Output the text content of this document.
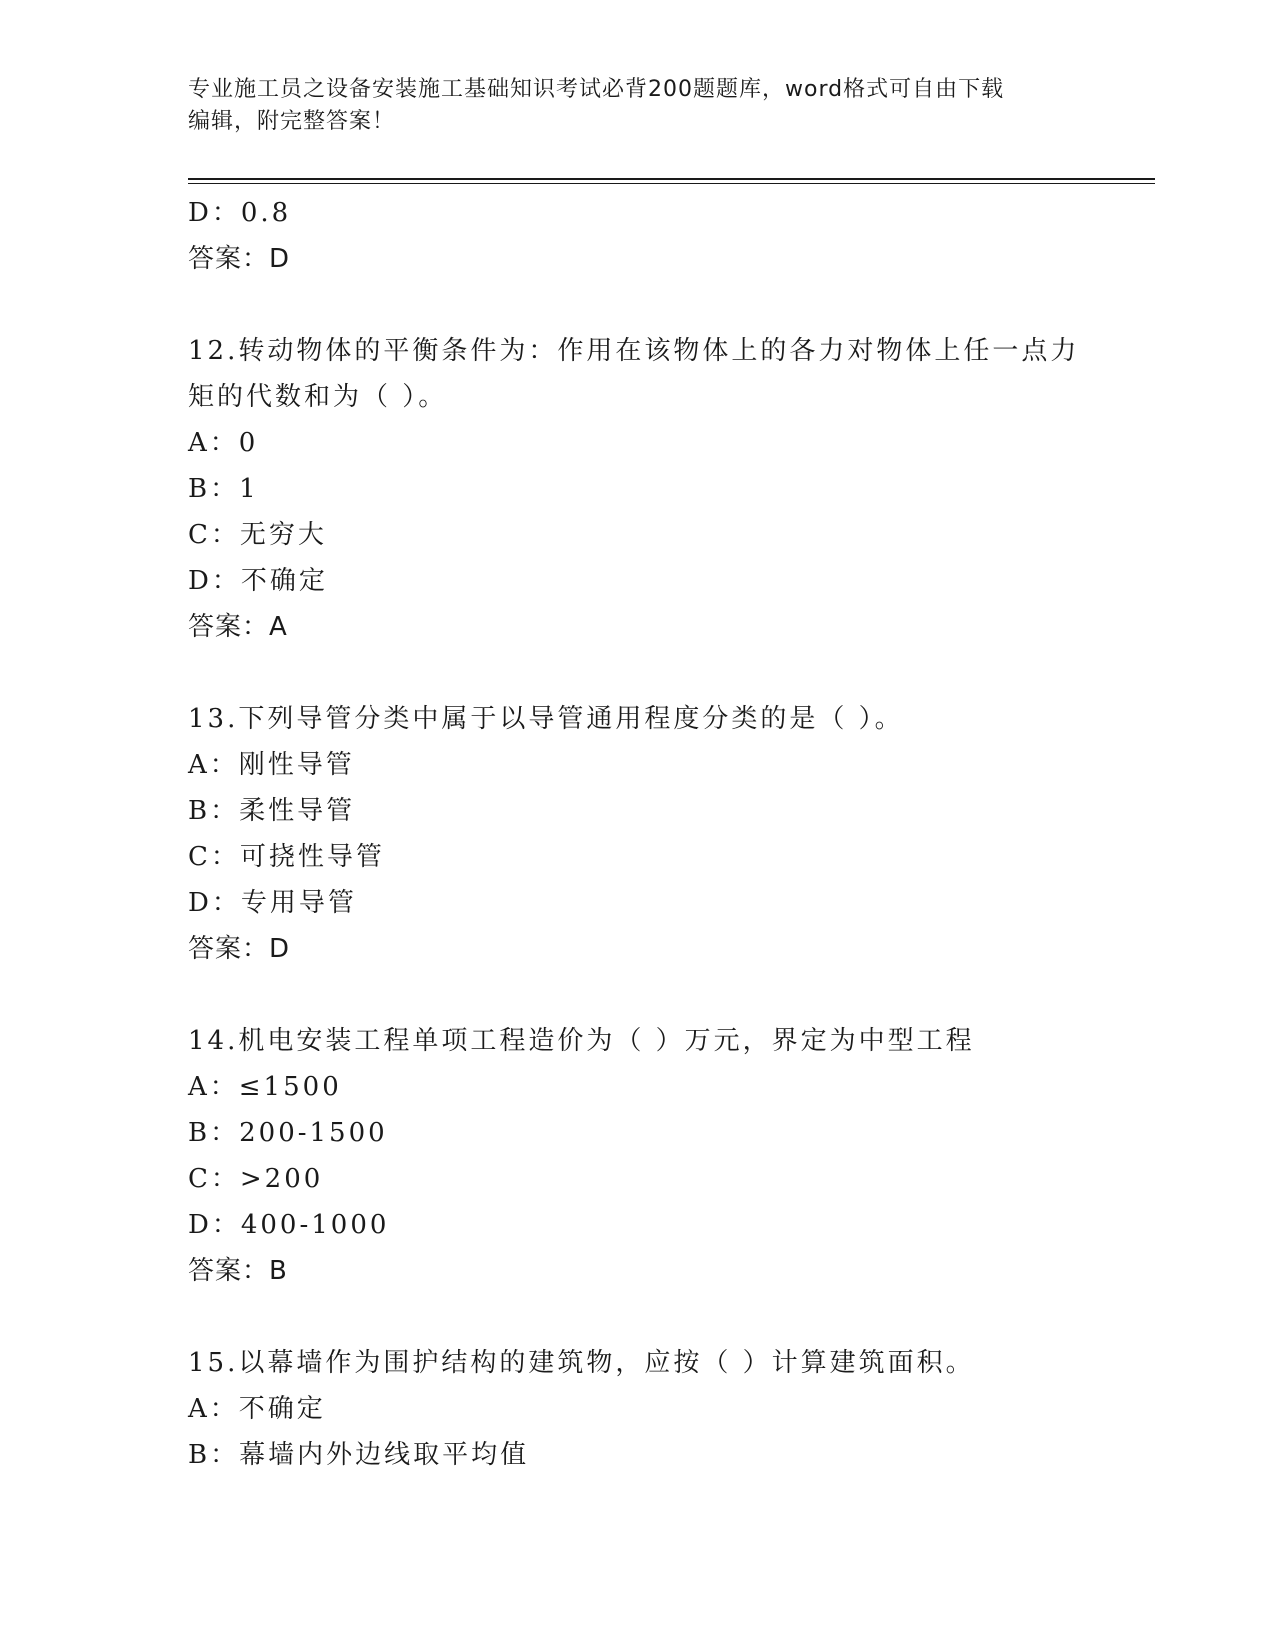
专业施工员之设备安装施工基础知识考试必背200题题库，word格式可自由下载
编辑，附完整答案！
D：0.8
答案：D
12.转动物体的平衡条件为：作用在该物体上的各力对物体上任一点力
矩的代数和为（ ）。
A：0
B：1
C：无穷大
D：不确定
答案：A
13.下列导管分类中属于以导管通用程度分类的是（ ）。
A：刚性导管
B：柔性导管
C：可挠性导管
D：专用导管
答案：D
14.机电安装工程单项工程造价为（ ）万元，界定为中型工程
A：≤1500
B：200-1500
C：>200
D：400-1000
答案：B
15.以幕墙作为围护结构的建筑物，应按（ ）计算建筑面积。
A：不确定
B：幕墙内外边线取平均值
